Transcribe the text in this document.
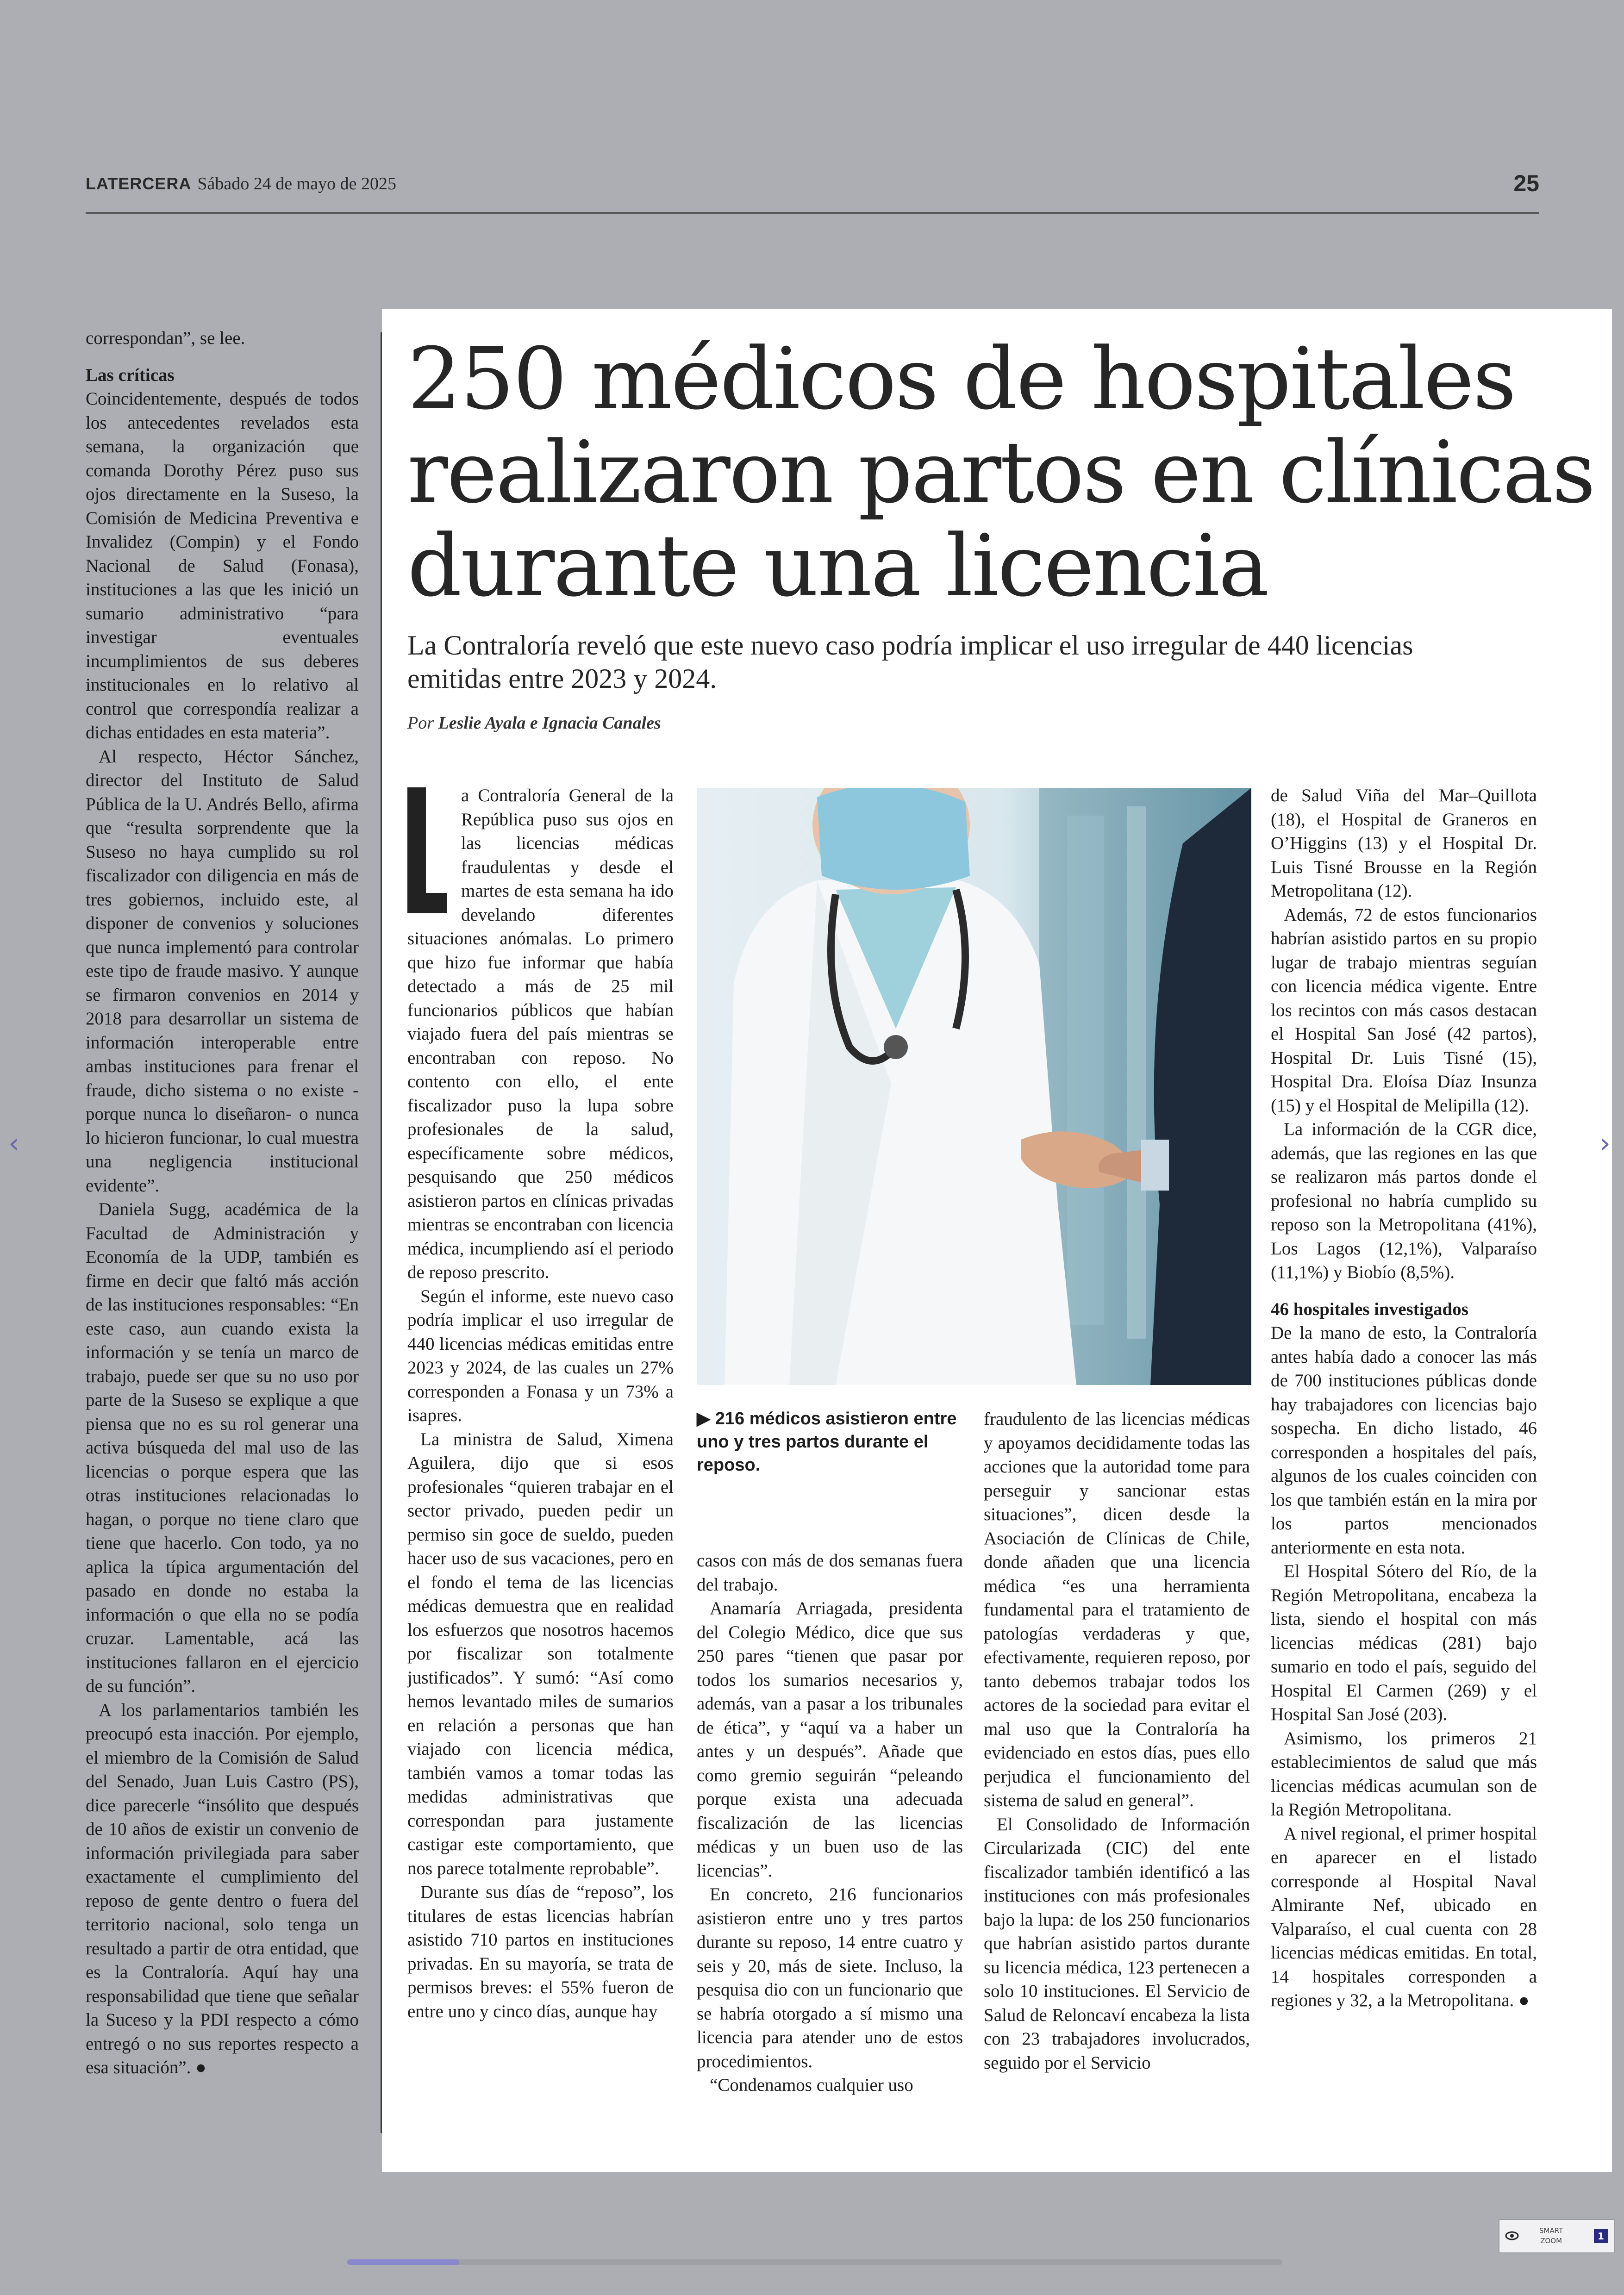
LATERCERA Sábado 24 de mayo de 2025	25

correspondan”, se lee.

Las críticas

Coincidentemente, después de todos los antecedentes revelados esta semana, la organización que comanda Dorothy Pérez puso sus ojos directamente en la Suseso, la Comisión de Medicina Preventiva e Invalidez (Compin) y el Fondo Nacional de Salud (Fonasa), instituciones a las que les inició un sumario administrativo “para investigar eventuales incumplimientos de sus deberes institucionales en lo relativo al control que correspondía realizar a dichas entidades en esta materia”.

Al respecto, Héctor Sánchez, director del Instituto de Salud Pública de la U. Andrés Bello, afirma que “resulta sorprendente que la Suseso no haya cumplido su rol fiscalizador con diligencia en más de tres gobiernos, incluido este, al disponer de convenios y soluciones que nunca implementó para controlar este tipo de fraude masivo. Y aunque se firmaron convenios en 2014 y 2018 para desarrollar un sistema de información interoperable entre ambas instituciones para frenar el fraude, dicho sistema o no existe -porque nunca lo diseñaron- o nunca lo hicieron funcionar, lo cual muestra una negligencia institucional evidente”.

Daniela Sugg, académica de la Facultad de Administración y Economía de la UDP, también es firme en decir que faltó más acción de las instituciones responsables: “En este caso, aun cuando exista la información y se tenía un marco de trabajo, puede ser que su no uso por parte de la Suseso se explique a que piensa que no es su rol generar una activa búsqueda del mal uso de las licencias o porque espera que las otras instituciones relacionadas lo hagan, o porque no tiene claro que tiene que hacerlo. Con todo, ya no aplica la típica argumentación del pasado en donde no estaba la información o que ella no se podía cruzar. Lamentable, acá las instituciones fallaron en el ejercicio de su función”.

A los parlamentarios también les preocupó esta inacción. Por ejemplo, el miembro de la Comisión de Salud del Senado, Juan Luis Castro (PS), dice parecerle “insólito que después de 10 años de existir un convenio de información privilegiada para saber exactamente el cumplimiento del reposo de gente dentro o fuera del territorio nacional, solo tenga un resultado a partir de otra entidad, que es la Contraloría. Aquí hay una responsabilidad que tiene que señalar la Suceso y la PDI respecto a cómo entregó o no sus reportes respecto a esa situación”. ●

250 médicos de hospitales realizaron partos en clínicas durante una licencia

La Contraloría reveló que este nuevo caso podría implicar el uso irregular de 440 licencias emitidas entre 2023 y 2024.

Por Leslie Ayala e Ignacia Canales

a Contraloría General de la República puso sus ojos en las licencias médicas fraudulentas y desde el martes de esta semana ha ido develando diferentes situaciones anómalas. Lo primero que hizo fue informar que había detectado a más de 25 mil funcionarios públicos que habían viajado fuera del país mientras se encontraban con reposo. No contento con ello, el ente fiscalizador puso la lupa sobre profesionales de la salud, específicamente sobre médicos, pesquisando que 250 médicos asistieron partos en clínicas privadas mientras se encontraban con licencia médica, incumpliendo así el periodo de reposo prescrito.

Según el informe, este nuevo caso podría implicar el uso irregular de 440 licencias médicas emitidas entre 2023 y 2024, de las cuales un 27% corresponden a Fonasa y un 73% a isapres.

La ministra de Salud, Ximena Aguilera, dijo que si esos profesionales “quieren trabajar en el sector privado, pueden pedir un permiso sin goce de sueldo, pueden hacer uso de sus vacaciones, pero en el fondo el tema de las licencias médicas demuestra que en realidad los esfuerzos que nosotros hacemos por fiscalizar son totalmente justificados”. Y sumó: “Así como hemos levantado miles de sumarios en relación a personas que han viajado con licencia médica, también vamos a tomar todas las medidas administrativas que correspondan para justamente castigar este comportamiento, que nos parece totalmente reprobable”.

Durante sus días de “reposo”, los titulares de estas licencias habrían asistido 710 partos en instituciones privadas. En su mayoría, se trata de permisos breves: el 55% fueron de entre uno y cinco días, aunque hay

▶ 216 médicos asistieron entre uno y tres partos durante el reposo.

casos con más de dos semanas fuera del trabajo.

Anamaría Arriagada, presidenta del Colegio Médico, dice que sus 250 pares “tienen que pasar por todos los sumarios necesarios y, además, van a pasar a los tribunales de ética”, y “aquí va a haber un antes y un después”. Añade que como gremio seguirán “peleando porque exista una adecuada fiscalización de las licencias médicas y un buen uso de las licencias”.

En concreto, 216 funcionarios asistieron entre uno y tres partos durante su reposo, 14 entre cuatro y seis y 20, más de siete. Incluso, la pesquisa dio con un funcionario que se habría otorgado a sí mismo una licencia para atender uno de estos procedimientos.

“Condenamos cualquier uso

fraudulento de las licencias médicas y apoyamos decididamente todas las acciones que la autoridad tome para perseguir y sancionar estas situaciones”, dicen desde la Asociación de Clínicas de Chile, donde añaden que una licencia médica “es una herramienta fundamental para el tratamiento de patologías verdaderas y que, efectivamente, requieren reposo, por tanto debemos trabajar todos los actores de la sociedad para evitar el mal uso que la Contraloría ha evidenciado en estos días, pues ello perjudica el funcionamiento del sistema de salud en general”.

El Consolidado de Información Circularizada (CIC) del ente fiscalizador también identificó a las instituciones con más profesionales bajo la lupa: de los 250 funcionarios que habrían asistido partos durante su licencia médica, 123 pertenecen a solo 10 instituciones. El Servicio de Salud de Reloncaví encabeza la lista con 23 trabajadores involucrados, seguido por el Servicio

de Salud Viña del Mar–Quillota (18), el Hospital de Graneros en O’Higgins (13) y el Hospital Dr. Luis Tisné Brousse en la Región Metropolitana (12).

Además, 72 de estos funcionarios habrían asistido partos en su propio lugar de trabajo mientras seguían con licencia médica vigente. Entre los recintos con más casos destacan el Hospital San José (42 partos), Hospital Dr. Luis Tisné (15), Hospital Dra. Eloísa Díaz Insunza (15) y el Hospital de Melipilla (12).

La información de la CGR dice, además, que las regiones en las que se realizaron más partos donde el profesional no habría cumplido su reposo son la Metropolitana (41%), Los Lagos (12,1%), Valparaíso (11,1%) y Biobío (8,5%).

46 hospitales investigados

De la mano de esto, la Contraloría antes había dado a conocer las más de 700 instituciones públicas donde hay trabajadores con licencias bajo sospecha. En dicho listado, 46 corresponden a hospitales del país, algunos de los cuales coinciden con los que también están en la mira por los partos mencionados anteriormente en esta nota.

El Hospital Sótero del Río, de la Región Metropolitana, encabeza la lista, siendo el hospital con más licencias médicas (281) bajo sumario en todo el país, seguido del Hospital El Carmen (269) y el Hospital San José (203).

Asimismo, los primeros 21 establecimientos de salud que más licencias médicas acumulan son de la Región Metropolitana.

A nivel regional, el primer hospital en aparecer en el listado corresponde al Hospital Naval Almirante Nef, ubicado en Valparaíso, el cual cuenta con 28 licencias médicas emitidas. En total, 14 hospitales corresponden a regiones y 32, a la Metropolitana. ●

‹	›
SMART
ZOOM	1
